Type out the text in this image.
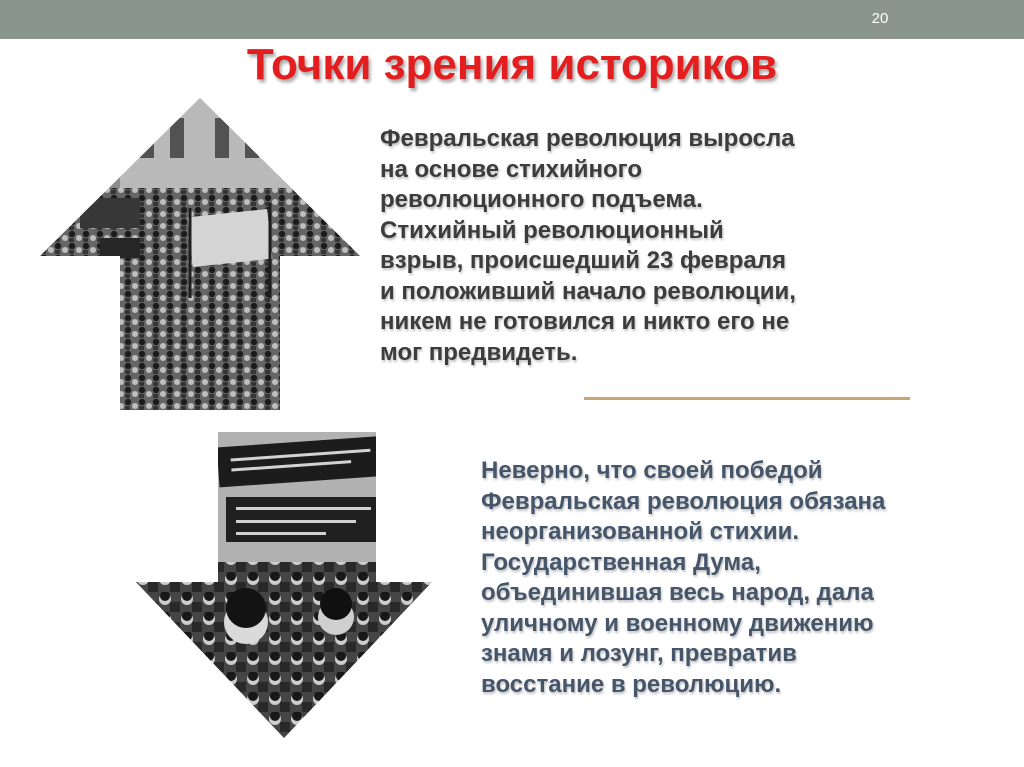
20
Точки зрения историков
Февральская революция выросла
на основе стихийного
революционного подъема.
Стихийный революционный
взрыв, происшедший 23 февраля
и положивший начало революции,
никем не готовился и никто его не
мог предвидеть.
Неверно, что своей победой
Февральская революция обязана
неорганизованной стихии.
Государственная Дума,
объединившая весь народ, дала
уличному и военному движению
знамя и лозунг, превратив
восстание в революцию.
